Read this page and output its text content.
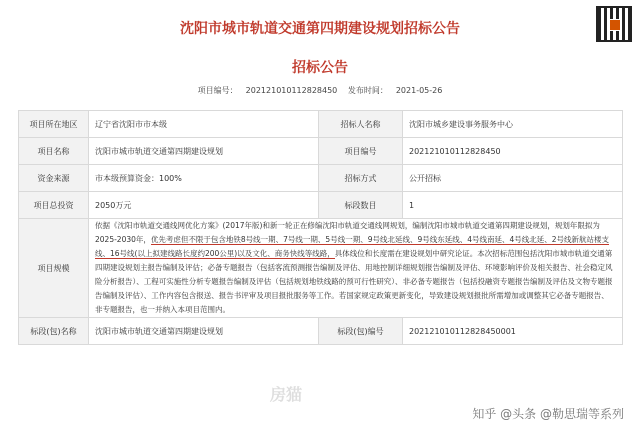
沈阳市城市轨道交通第四期建设规划招标公告
招标公告
项目编号： 202121010112828450 发布时间： 2021-05-26
项目所在地区	辽宁省沈阳市市本级	招标人名称	沈阳市城乡建设事务服务中心
项目名称	沈阳市城市轨道交通第四期建设规划	项目编号	202121010112828450
资金来源	市本级预算资金：100%	招标方式	公开招标
项目总投资	2050万元	标段数目	1
项目规模	依据《沈阳市轨道交通线网优化方案》(2017年版)和新一轮正在修编沈阳市轨道交通线网规划，编制沈阳市城市轨道交通第四期建设规划，规划年限拟为2025-2030年，优先考虑但不限于包含地铁8号线一期、7号线一期、5号线一期、9号线北延线、9号线东延线、4号线南延、4号线北延、2号线新航站楼支线、16号线(以上拟建线路长度约200公里)以及文化、商务快线等线路，具体线位和长度需在建设规划中研究论证。本次招标范围包括沈阳市城市轨道交通第四期建设规划主报告编制及评估；必备专题报告（包括客流预测报告编制及评估、用地控制详细规划报告编制及评估、环境影响评价及相关报告、社会稳定风险分析报告）、工程可实施性分析专题报告编制及评估（包括规划地铁线路的预可行性研究）、非必备专题报告（包括投融资专题报告编制及评估及文物专题报告编制及评估）、工作内容包含报送、报告书评审及项目报批服务等工作。若国家规定政策更新变化，导致建设规划报批所需增加或调整其它必备专题报告、非专题报告，也一并纳入本项目范围内。		
标段(包)名称	沈阳市城市轨道交通第四期建设规划	标段(包)编号	202121010112828450001
房猫
知乎 @头条 @勒思瑞等系列
